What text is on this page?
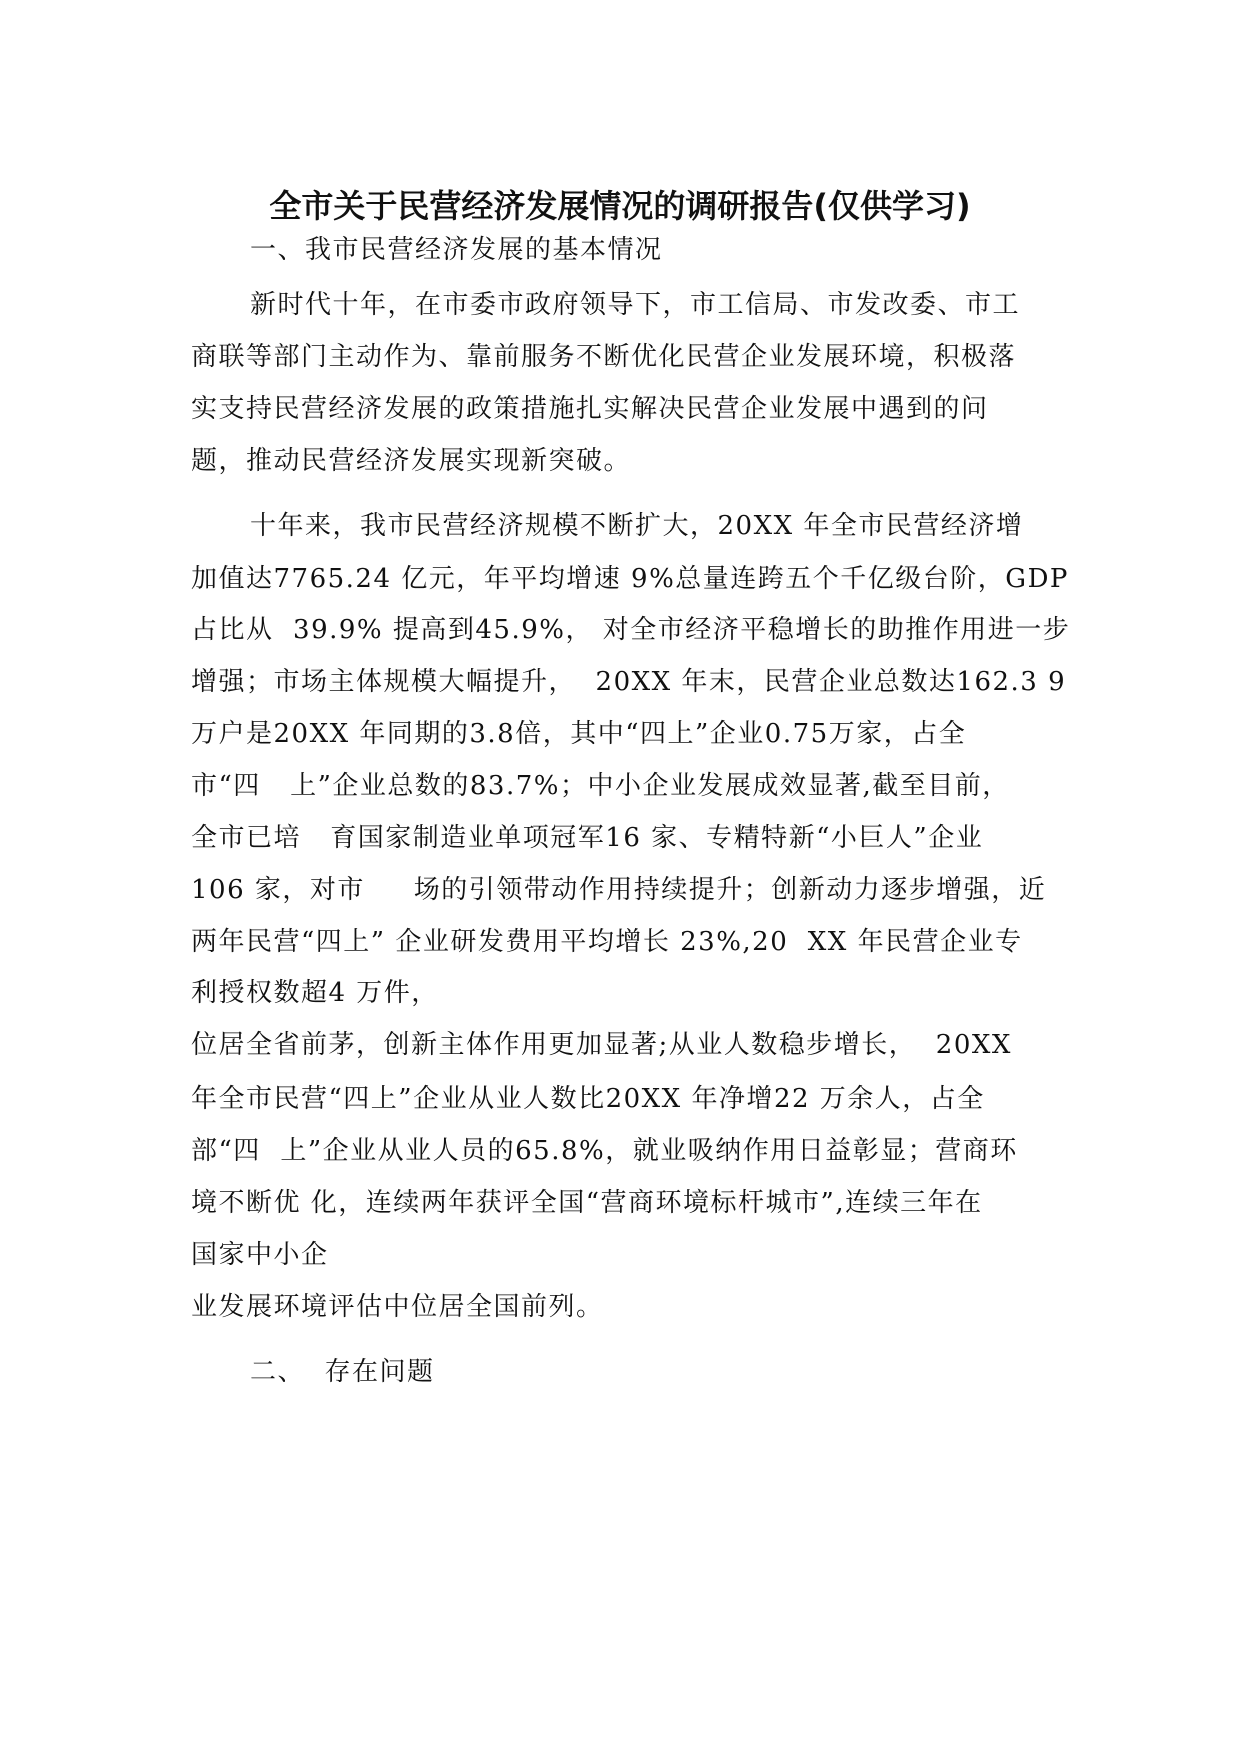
全市关于民营经济发展情况的调研报告(仅供学习)
一、我市民营经济发展的基本情况
新时代十年，在市委市政府领导下，市工信局、市发改委、市工
商联等部门主动作为、靠前服务不断优化民营企业发展环境，积极落
实支持民营经济发展的政策措施扎实解决民营企业发展中遇到的问
题，推动民营经济发展实现新突破。
十年来，我市民营经济规模不断扩大，20XX 年全市民营经济增
加值达7765.24 亿元，年平均增速 9%总量连跨五个千亿级台阶，GDP
占比从  39.9% 提高到45.9%， 对全市经济平稳增长的助推作用进一步
增强；市场主体规模大幅提升，  20XX 年末，民营企业总数达162.3 9
万户是20XX 年同期的3.8倍，其中“四上”企业0.75万家，占全
市“四   上”企业总数的83.7%；中小企业发展成效显著,截至目前，
全市已培   育国家制造业单项冠军16 家、专精特新“小巨人”企业
106 家，对市     场的引领带动作用持续提升；创新动力逐步增强，近
两年民营“四上” 企业研发费用平均增长 23%,20  XX 年民营企业专
利授权数超4 万件，
位居全省前茅，创新主体作用更加显著;从业人数稳步增长，  20XX
年全市民营“四上”企业从业人数比20XX 年净增22 万余人，占全
部“四  上”企业从业人员的65.8%，就业吸纳作用日益彰显；营商环
境不断优 化，连续两年获评全国“营商环境标杆城市”,连续三年在
国家中小企
业发展环境评估中位居全国前列。
二、  存在问题
